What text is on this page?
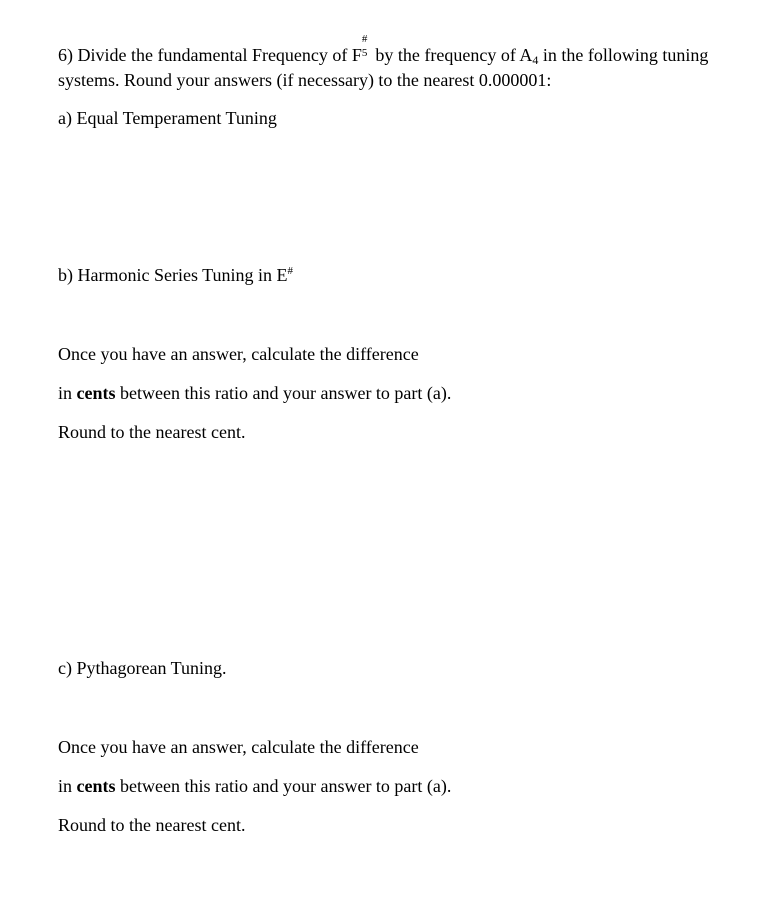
6) Divide the fundamental Frequency of F
#
5 by the frequency of A4 in the following tuning
systems. Round your answers (if necessary) to the nearest 0.000001:
a) Equal Temperament Tuning
b) Harmonic Series Tuning in E#
Once you have an answer, calculate the difference
in cents between this ratio and your answer to part (a).
Round to the nearest cent.
c) Pythagorean Tuning.
Once you have an answer, calculate the difference
in cents between this ratio and your answer to part (a).
Round to the nearest cent.
